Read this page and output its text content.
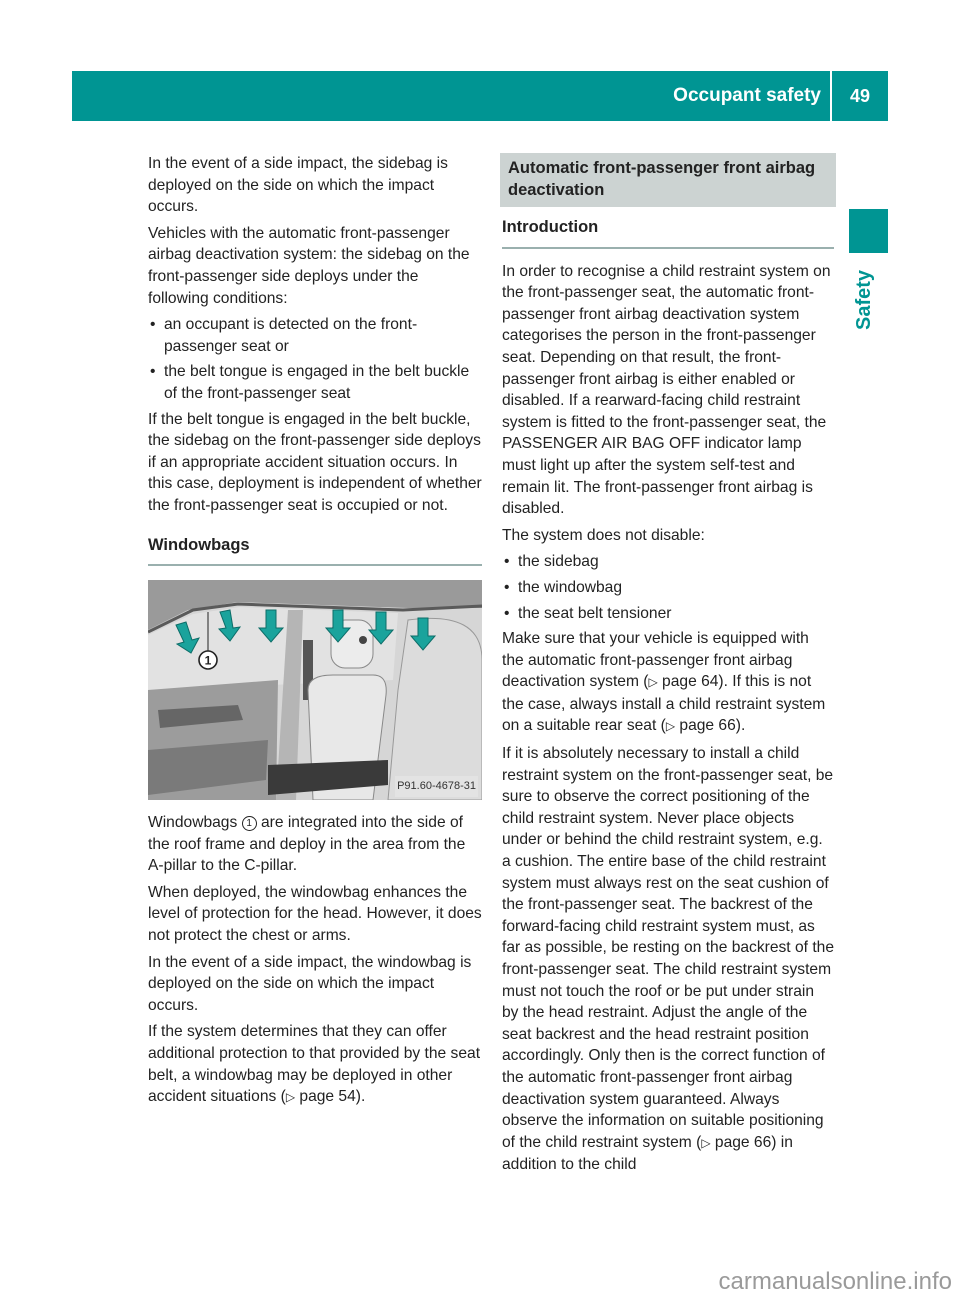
Occupant safety	49
Safety

In the event of a side impact, the sidebag is deployed on the side on which the impact occurs.

Vehicles with the automatic front-passenger airbag deactivation system: the sidebag on the front-passenger side deploys under the following conditions:

• an occupant is detected on the front-passenger seat or
• the belt tongue is engaged in the belt buckle of the front-passenger seat

If the belt tongue is engaged in the belt buckle, the sidebag on the front-passenger side deploys if an appropriate accident situation occurs. In this case, deployment is independent of whether the front-passenger seat is occupied or not.

Windowbags
1
P91.60-4678-31

Windowbags 1 are integrated into the side of the roof frame and deploy in the area from the A-pillar to the C-pillar.

When deployed, the windowbag enhances the level of protection for the head. However, it does not protect the chest or arms.

In the event of a side impact, the windowbag is deployed on the side on which the impact occurs.

If the system determines that they can offer additional protection to that provided by the seat belt, a windowbag may be deployed in other accident situations (▷ page 54).

Automatic front-passenger front airbag deactivation
Introduction

In order to recognise a child restraint system on the front-passenger seat, the automatic front-passenger front airbag deactivation system categorises the person in the front-passenger seat. Depending on that result, the front-passenger front airbag is either enabled or disabled. If a rearward-facing child restraint system is fitted to the front-passenger seat, the PASSENGER AIR BAG OFF indicator lamp must light up after the system self-test and remain lit. The front-passenger front airbag is disabled.

The system does not disable:

• the sidebag
• the windowbag
• the seat belt tensioner

Make sure that your vehicle is equipped with the automatic front-passenger front airbag deactivation system (▷ page 64). If this is not the case, always install a child restraint system on a suitable rear seat (▷ page 66).

If it is absolutely necessary to install a child restraint system on the front-passenger seat, be sure to observe the correct positioning of the child restraint system. Never place objects under or behind the child restraint system, e.g. a cushion. The entire base of the child restraint system must always rest on the seat cushion of the front-passenger seat. The backrest of the forward-facing child restraint system must, as far as possible, be resting on the backrest of the front-passenger seat. The child restraint system must not touch the roof or be put under strain by the head restraint. Adjust the angle of the seat backrest and the head restraint position accordingly. Only then is the correct function of the automatic front-passenger front airbag deactivation system guaranteed. Always observe the information on suitable positioning of the child restraint system (▷ page 66) in addition to the child

carmanualsonline.info
